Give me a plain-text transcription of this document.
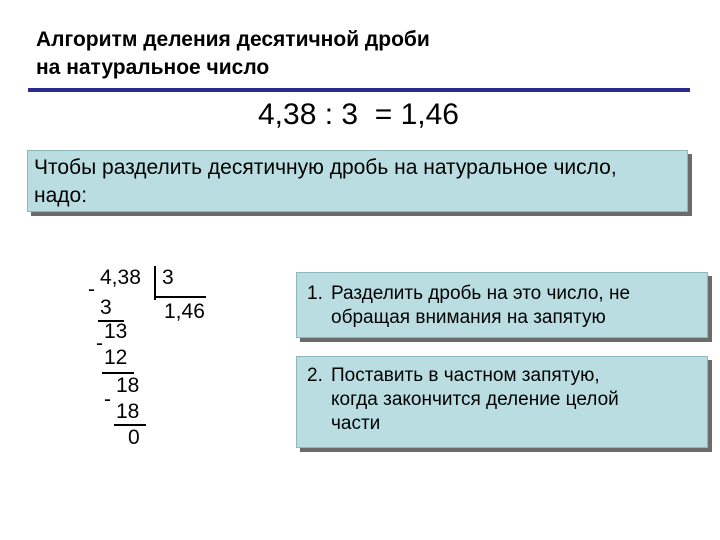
Алгоритм деления десятичной дроби
на натуральное число
4,38 : 3  = 1,46
Чтобы разделить десятичную дробь на натуральное число,
надо:
-
4,38 3
1,46
3
-
13
12
-
18
18
0
1. Разделить дробь на это число, не
обращая внимания на запятую
2. Поставить в частном запятую,
когда закончится деление целой
части
